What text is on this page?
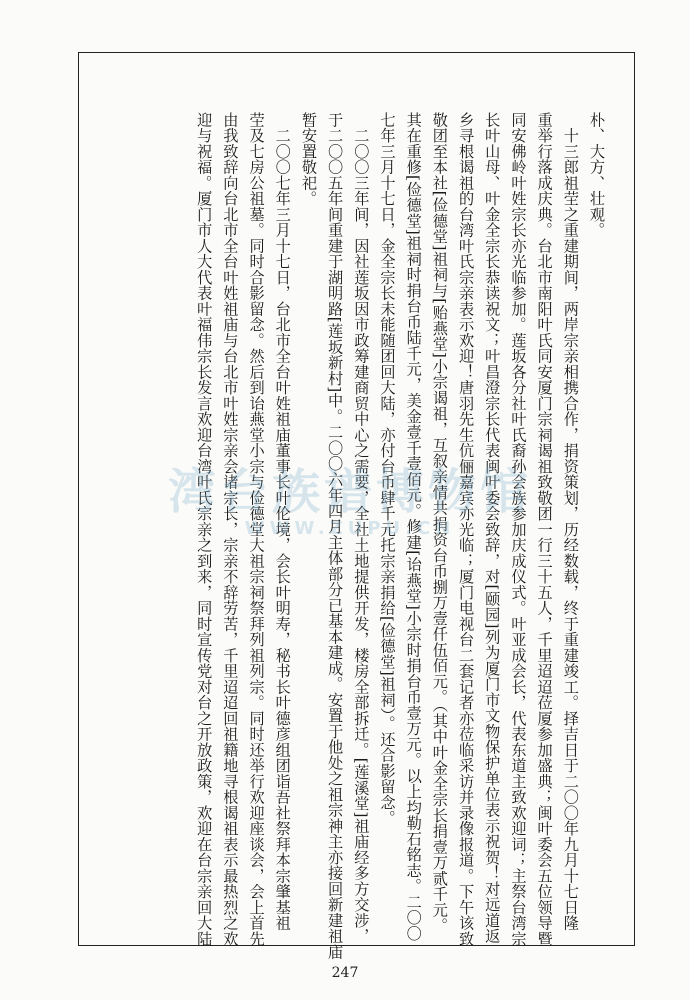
朴、大方、壮观。

　十三郎祖茔之重建期间，两岸宗亲相携合作，捐资策划，历经数载，终于重建竣工。择吉日于二〇〇年九月十七日隆

重举行落成庆典。台北市南阳叶氏同安厦门宗祠谒祖致敬团一行三十五人，千里迢迢莅厦参加盛典；闽叶委会五位领导暨

同安佛岭叶姓宗长亦光临参加。莲坂各分社叶氏裔孙会族参加庆成仪式。叶亚成会长，代表东道主致欢迎词；主祭台湾宗

长叶山母、叶金全宗长恭读祝文；叶昌澄宗长代表闽叶委会致辞，对[颐园]列为厦门市文物保护单位表示祝贺！对远道返

乡寻根谒祖的台湾叶氏宗亲表示欢迎！唐羽先生伉俪嘉宾亦光临；厦门电视台二套记者亦莅临采访并录像报道。下午该致

敬团至本社[俭德堂]祖祠与[贻燕堂]小宗谒祖，互叙亲情共捐资台币捌万壹仟伍佰元。（其中叶金全宗长捐壹万贰千元。

其在重修[俭德堂]祖祠时捐台币陆千元，美金壹千壹佰元。修建[诒燕堂]小宗时捐台币壹万元。以上均勒石铭志。二〇〇

七年三月十七日，金全宗长未能随团回大陆，亦付台币肆千元托宗亲捐给[俭德堂]祖祠）。还合影留念。

　二〇〇三年间，因社莲坂因市政筹建商贸中心之需要，全社土地提供开发，楼房全部拆迁。[莲溪堂]祖庙经多方交涉，

于二〇〇五年间重建于湖明路[莲坂新村]中。二〇〇六年四月主体部分已基本建成。安置于他处之祖宗神主亦接回新建祖庙

暂安置敬祀。

　二〇〇七年三月十七日，台北市全台叶姓祖庙董事长叶伦境，会长叶明寿，秘书长叶德彦组团诣吾社祭拜本宗肇基祖

茔及七房公祖墓。同时合影留念。然后到诒燕堂小宗与俭德堂大祖宗祠祭拜列祖列宗。同时还举行欢迎座谈会，会上首先

由我致辞向台北市全台叶姓祖庙与台北市叶姓宗亲会诸宗长，宗亲不辞劳苦，千里迢迢回祖籍地寻根谒祖表示最热烈之欢

迎与祝福。厦门市人大代表叶福伟宗长发言欢迎台湾叶氏宗亲之到来，同时宣传党对台之开放政策，欢迎在台宗亲回大陆

湾台族谱博物馆
WWW.ZUPU.CN
247
